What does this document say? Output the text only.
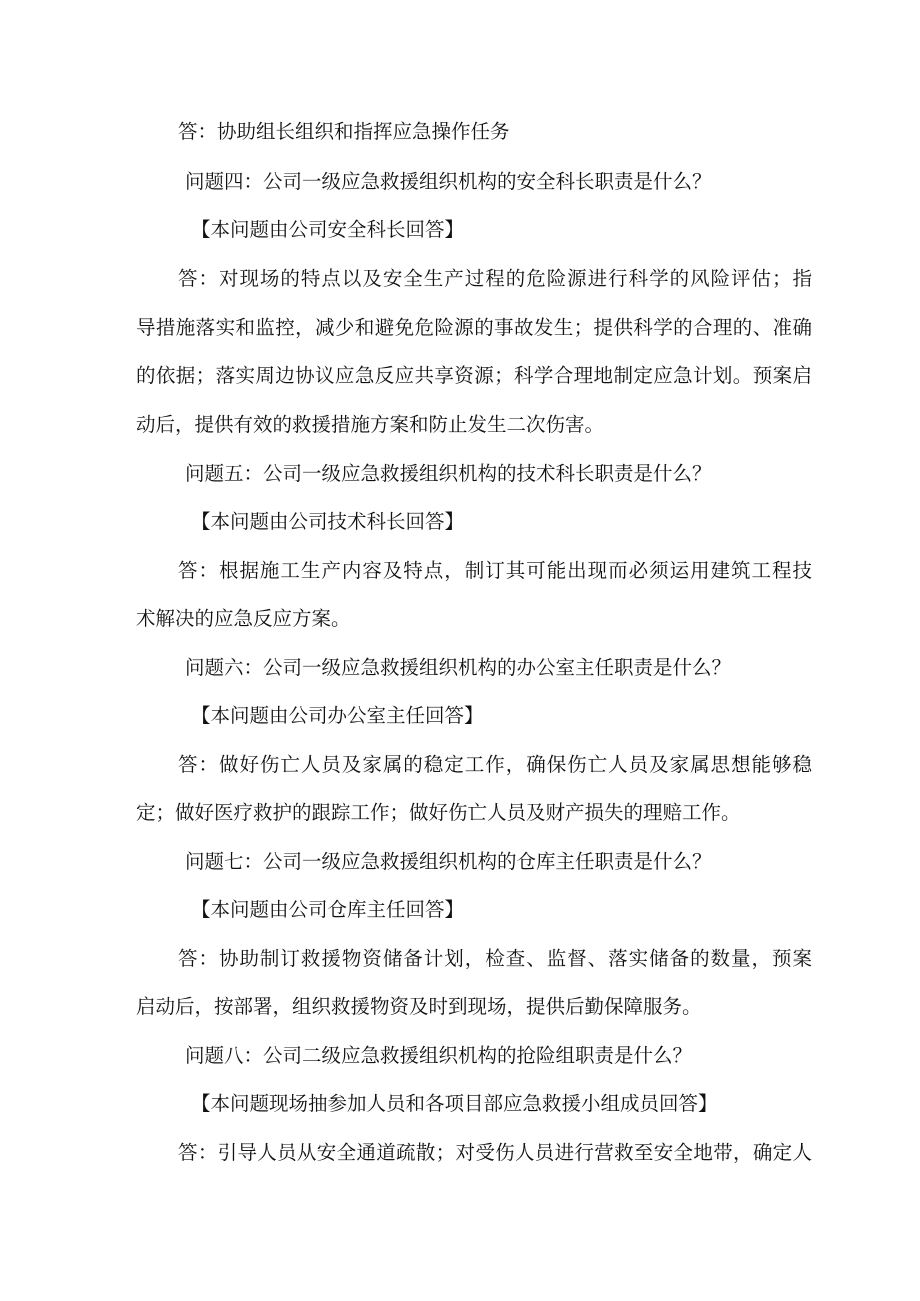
答：协助组长组织和指挥应急操作任务

问题四：公司一级应急救援组织机构的安全科长职责是什么？

【本问题由公司安全科长回答】

答：对现场的特点以及安全生产过程的危险源进行科学的风险评估；指

导措施落实和监控，减少和避免危险源的事故发生；提供科学的合理的、准确

的依据；落实周边协议应急反应共享资源；科学合理地制定应急计划。预案启

动后，提供有效的救援措施方案和防止发生二次伤害。

问题五：公司一级应急救援组织机构的技术科长职责是什么？

【本问题由公司技术科长回答】

答：根据施工生产内容及特点，制订其可能出现而必须运用建筑工程技

术解决的应急反应方案。

问题六：公司一级应急救援组织机构的办公室主任职责是什么？

【本问题由公司办公室主任回答】

答：做好伤亡人员及家属的稳定工作，确保伤亡人员及家属思想能够稳

定；做好医疗救护的跟踪工作；做好伤亡人员及财产损失的理赔工作。

问题七：公司一级应急救援组织机构的仓库主任职责是什么？

【本问题由公司仓库主任回答】

答：协助制订救援物资储备计划，检查、监督、落实储备的数量，预案

启动后，按部署，组织救援物资及时到现场，提供后勤保障服务。

问题八：公司二级应急救援组织机构的抢险组职责是什么？

【本问题现场抽参加人员和各项目部应急救援小组成员回答】

答：引导人员从安全通道疏散；对受伤人员进行营救至安全地带，确定人
